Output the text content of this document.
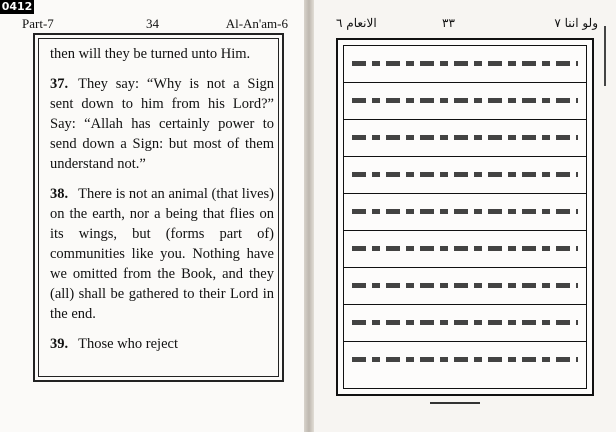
0412
Part-7	34	Al-An'am-6

then will they be turned unto Him.

37. They say: “Why is not a Sign sent down to him from his Lord?” Say: “Allah has certainly power to send down a Sign: but most of them understand not.”

38. There is not an animal (that lives) on the earth, nor a being that flies on its wings, but (forms part of) communities like you. Nothing have we omitted from the Book, and they (all) shall be gathered to their Lord in the end.

39. Those who reject

الانعام ٦	٣٣	ولو اننا ٧
